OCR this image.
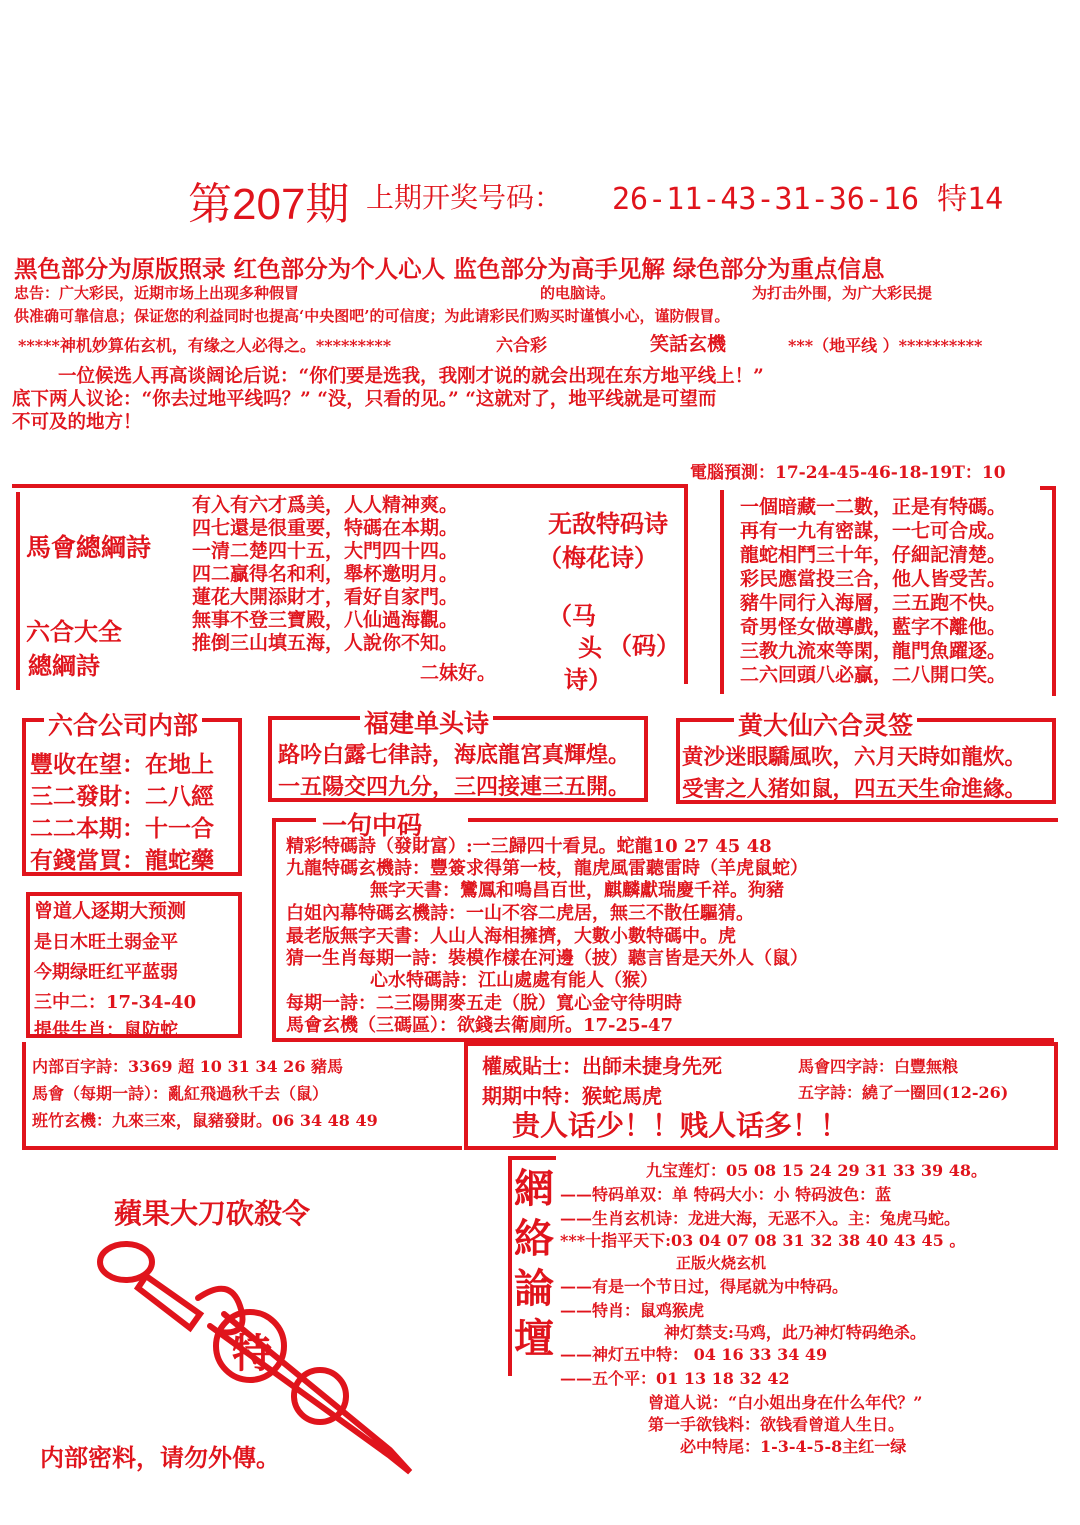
第207期 上期开奖号码： 26-11-43-31-36-16 特14
黑色部分为原版照录 红色部分为个人心人 监色部分为高手见解 绿色部分为重点信息
忠告：广大彩民，近期市场上出现多种假冒	的电脑诗。	为打击外围，为广大彩民提
供准确可靠信息；保证您的利益同时也提高‘中央图吧’的可信度；为此请彩民们购买时谨慎小心，谨防假冒。
*****神机妙算佑玄机，有缘之人必得之。*********	六合彩	笑話玄機	***（地平线 ）**********
一位候选人再高谈阔论后说：“你们要是选我，我刚才说的就会出现在东方地平线上！”
底下两人议论：“你去过地平线吗？” “没，只看的见。” “这就对了，地平线就是可望而
不可及的地方！
電腦預測：17-24-45-46-18-19T：10
馬會總綱詩
六合大全
總綱詩
有入有六才爲美，人人精神爽。
四七還是很重要，特碼在本期。
一清二楚四十五，大門四十四。
四二贏得名和利，舉杯邀明月。
蓮花大開添財才，看好自家門。
無事不登三寶殿，八仙過海觀。
推倒三山填五海，人說你不知。
二妹好。
无敌特码诗
（梅花诗）
（马
头 （码）
诗）
一個暗藏一二數，正是有特碼。
再有一九有密謀，一七可合成。
龍蛇相鬥三十年，仔細記清楚。
彩民應當投三合，他人皆受苦。
豬牛同行入海層，三五跑不快。
奇男怪女做導戲，藍字不離他。
三教九流來等閑，龍門魚躍逐。
二六回頭八必贏，二八開口笑。
六合公司内部
豐收在望：在地上
三二發財：二八經
二二本期：十一合
有錢當買：龍蛇藥
福建单头诗
路吟白露七律詩，海底龍宮真輝煌。
一五陽交四九分，三四接連三五開。
黄大仙六合灵签
黄沙迷眼驕風吹，六月天時如龍炊。
受害之人猪如鼠，四五天生命進緣。
曾道人逐期大预测
是日木旺土弱金平
今期绿旺红平蓝弱
三中二：17-34-40
提供生肖：鼠防蛇
一句中码
精彩特碼詩（發財富）:一三歸四十看見。蛇龍10 27 45 48
九龍特碼玄機詩：豐簽求得第一枝，龍虎風雷聽雷時（羊虎鼠蛇）
無字天書：鸞鳳和鳴昌百世，麒麟獻瑞慶千祥。狗豬
白姐內幕特碼玄機詩：一山不容二虎居，無三不散任驅猜。
最老版無字天書：人山人海相擁擠，大數小數特碼中。虎
猜一生肖每期一詩：裝模作樣在河邊（披）聽言皆是天外人（鼠）
心水特碼詩：江山處處有能人（猴）
每期一詩：二三陽開麥五走（脫）寬心金守待明時
馬會玄機（三碼區）：欲錢去衛廁所。17-25-47
内部百字詩：3369 超 10 31 34 26 豬馬
馬會（每期一詩）：亂紅飛過秋千去（鼠）
班竹玄機：九來三來，鼠豬發財。06 34 48 49
權威貼士：出師未捷身先死
期期中特：猴蛇馬虎
馬會四字詩：白豐無粮
五字詩：繞了一圈回(12-26)
贵人话少！！贱人话多！！
蘋果大刀砍殺令
特
内部密料，请勿外傳。
網
絡
論
壇
九宝莲灯：05 08 15 24 29 31 33 39 48。
——特码单双：单 特码大小：小 特码波色：蓝
——生肖玄机诗：龙进大海，无恶不入。主：兔虎马蛇。
***十指平天下:03 04 07 08 31 32 38 40 43 45 。
正版火烧玄机
——有是一个节日过，得尾就为中特码。
——特肖：鼠鸡猴虎
神灯禁支:马鸡，此乃神灯特码绝杀。
——神灯五中特： 04 16 33 34 49
——五个平：01 13 18 32 42
曾道人说：“白小姐出身在什么年代？”
第一手欲钱料：欲钱看曾道人生日。
必中特尾：1-3-4-5-8主红一绿
